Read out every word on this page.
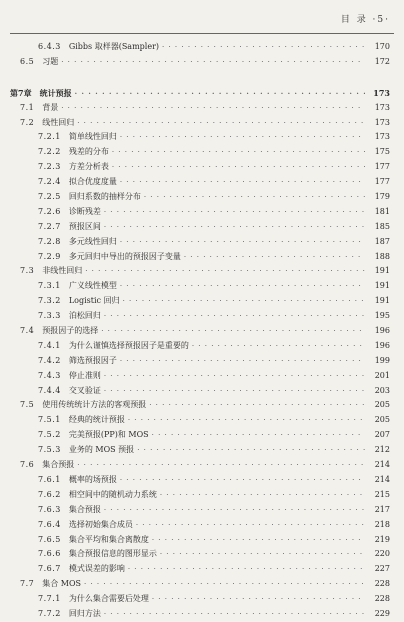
目 录 ·5·
6.4.3 Gibbs 取样器(Sampler) · · ·	170
6.5 习题 · · ·	172
第7章 统计预报 · · ·	173
7.1 背景 · · ·	173
7.2 线性回归 · · ·	173
7.2.1 简单线性回归 · · ·	173
7.2.2 残差的分布 · · ·	175
7.2.3 方差分析表 · · ·	177
7.2.4 拟合优度度量 · · ·	177
7.2.5 回归系数的抽样分布 · · ·	179
7.2.6 诊断残差 · · ·	181
7.2.7 预报区间 · · ·	185
7.2.8 多元线性回归 · · ·	187
7.2.9 多元回归中导出的预报因子变量 · · ·	188
7.3 非线性回归 · · ·	191
7.3.1 广义线性模型 · · ·	191
7.3.2 Logistic 回归 · · ·	191
7.3.3 泊松回归 · · ·	195
7.4 预报因子的选择 · · ·	196
7.4.1 为什么谨慎选择预报因子是重要的 · · ·	196
7.4.2 筛选预报因子 · · ·	199
7.4.3 停止准则 · · ·	201
7.4.4 交叉验证 · · ·	203
7.5 使用传统统计方法的客观预报 · · ·	205
7.5.1 经典的统计预报 · · ·	205
7.5.2 完美预报(PP)和 MOS · · ·	207
7.5.3 业务的 MOS 预报 · · ·	212
7.6 集合预报 · · ·	214
7.6.1 概率的场预报 · · ·	214
7.6.2 相空间中的随机动力系统 · · ·	215
7.6.3 集合预报 · · ·	217
7.6.4 选择初始集合成员 · · ·	218
7.6.5 集合平均和集合离散度 · · ·	219
7.6.6 集合预报信息的图形显示 · · ·	220
7.6.7 模式误差的影响 · · ·	227
7.7 集合 MOS · · ·	228
7.7.1 为什么集合需要后处理 · · ·	228
7.7.2 回归方法 · · ·	229
